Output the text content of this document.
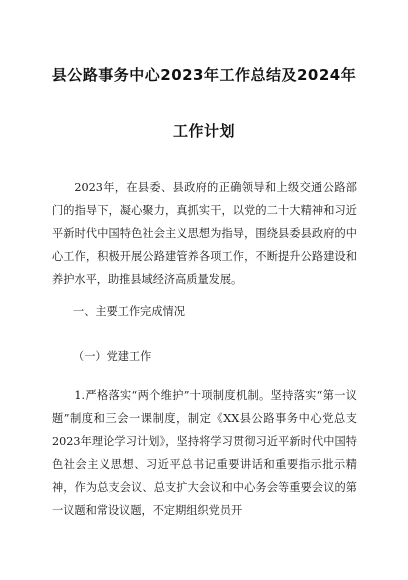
县公路事务中心2023年工作总结及2024年
工作计划

2023年，在县委、县政府的正确领导和上级交通公路部门的指导下，凝心聚力，真抓实干，以党的二十大精神和习近平新时代中国特色社会主义思想为指导，围绕县委县政府的中心工作，积极开展公路建管养各项工作，不断提升公路建设和养护水平，助推县域经济高质量发展。

一、主要工作完成情况
（一）党建工作

1.严格落实“两个维护”十项制度机制。坚持落实“第一议题”制度和三会一课制度，制定《XX县公路事务中心党总支2023年理论学习计划》，坚持将学习贯彻习近平新时代中国特色社会主义思想、习近平总书记重要讲话和重要指示批示精神，作为总支会议、总支扩大会议和中心务会等重要会议的第一议题和常设议题，不定期组织党员开
